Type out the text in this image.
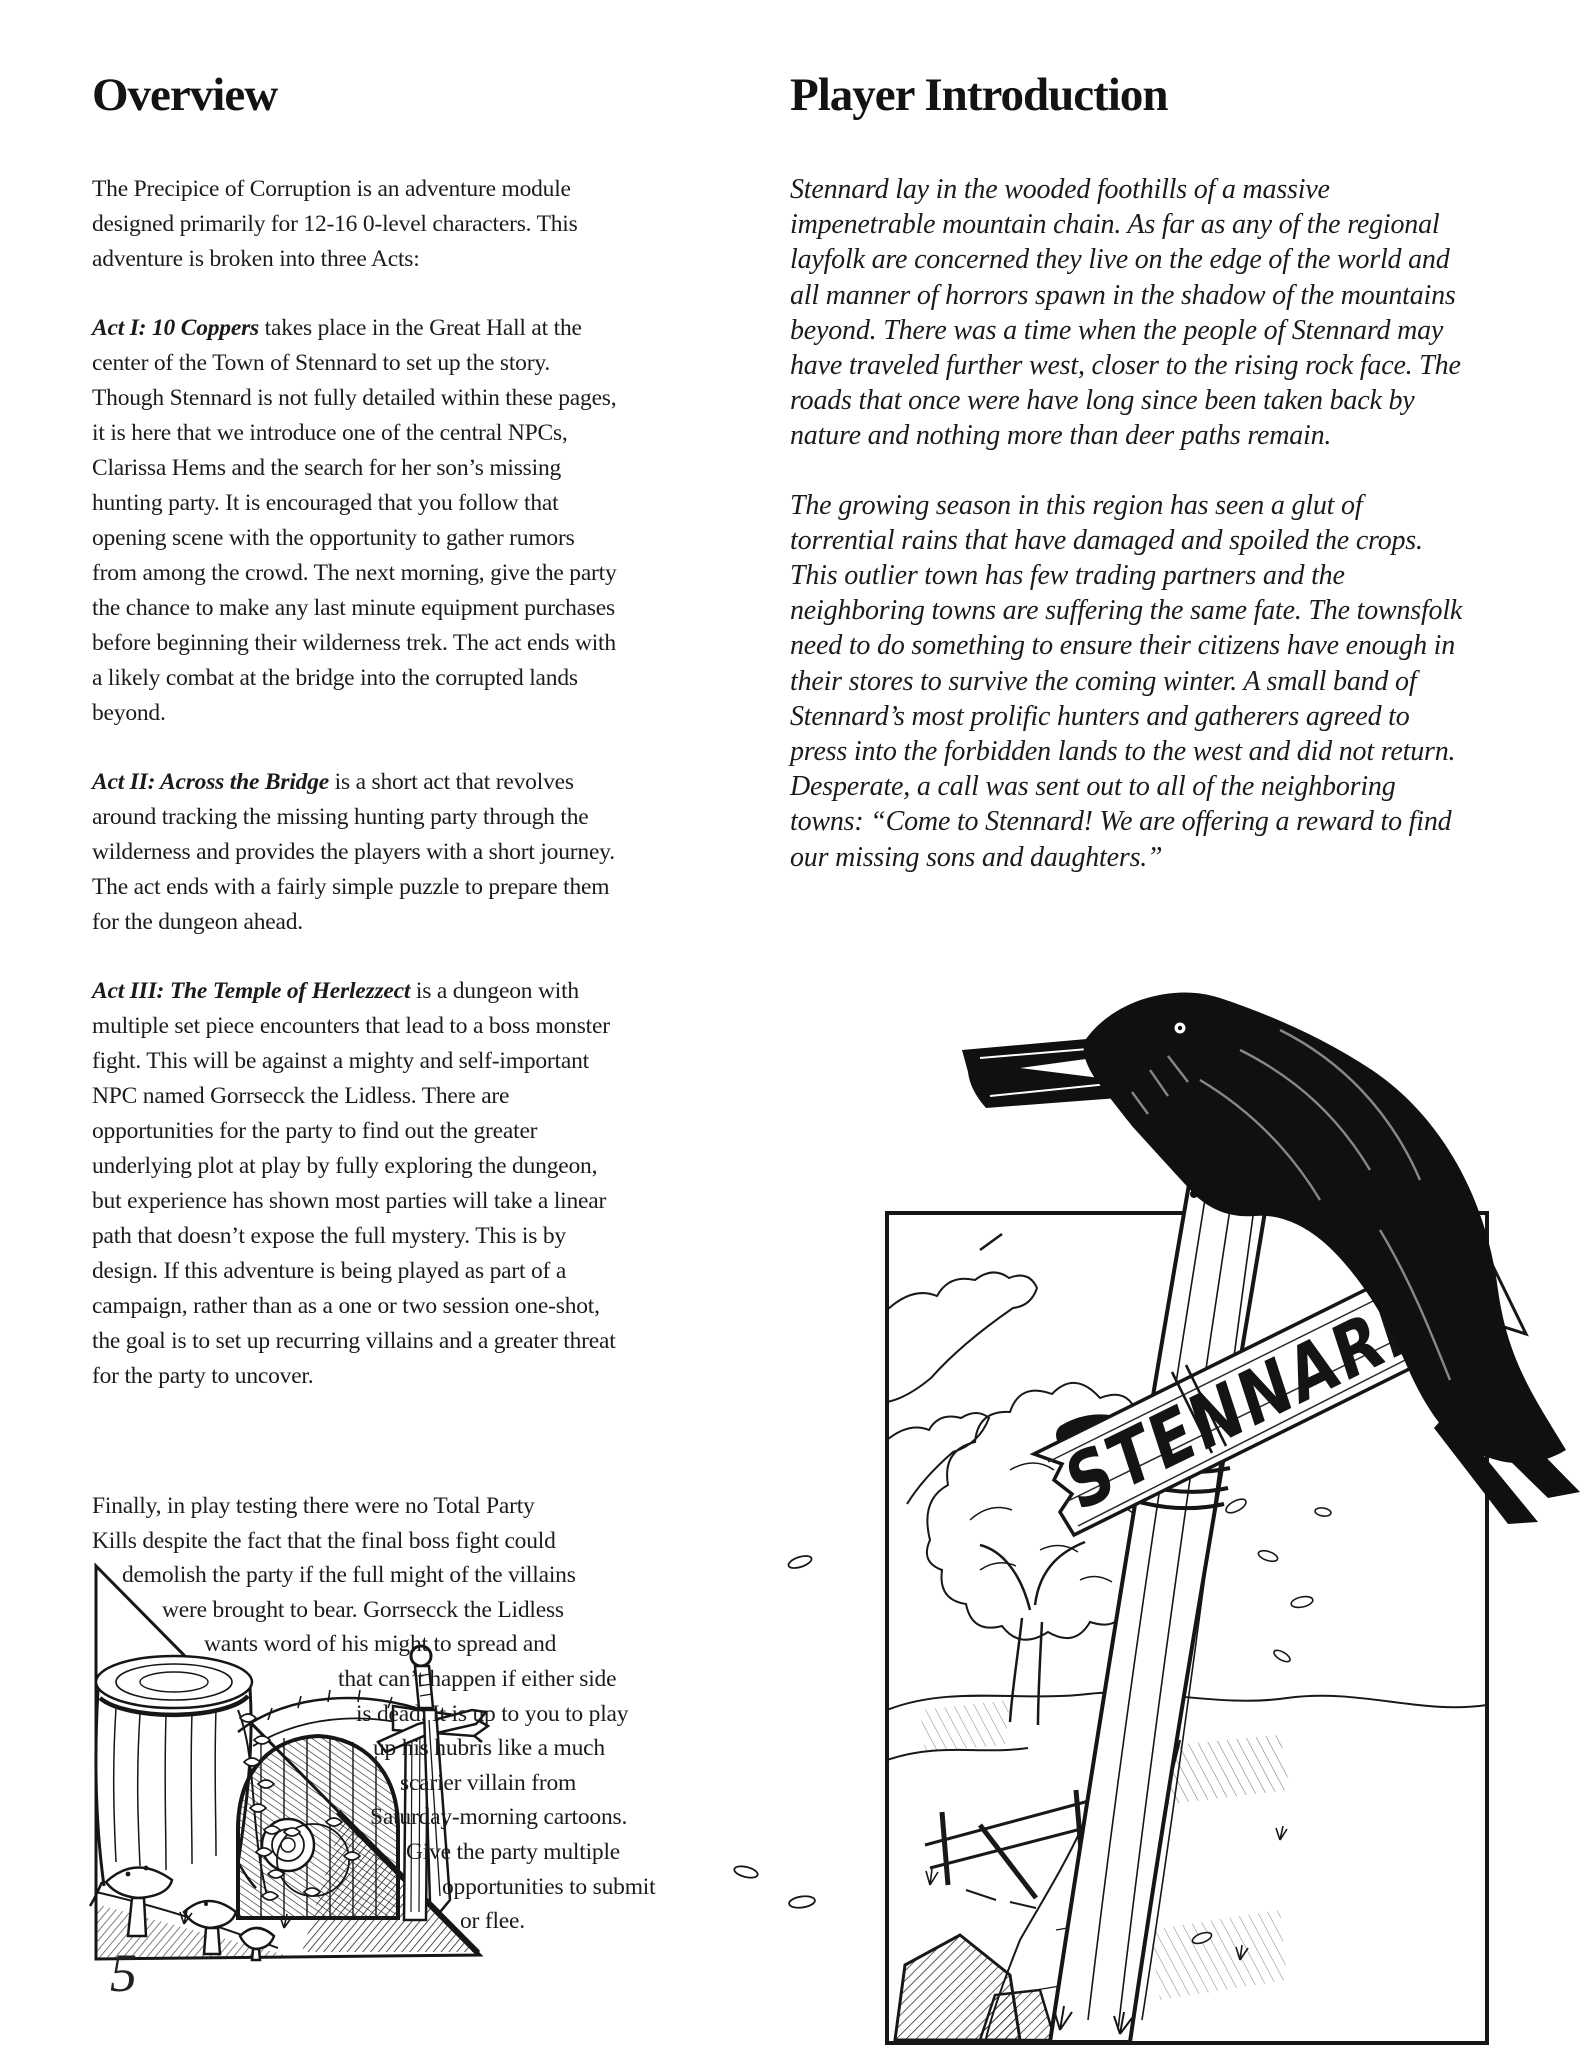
STENNARD
Overview

The Precipice of Corruption is an adventure module designed primarily for 12-16 0-level characters. This adventure is broken into three Acts:

Act I: 10 Coppers takes place in the Great Hall at the center of the Town of Stennard to set up the story. Though Stennard is not fully detailed within these pages, it is here that we introduce one of the central NPCs, Clarissa Hems and the search for her son’s missing hunting party. It is encouraged that you follow that opening scene with the opportunity to gather rumors from among the crowd. The next morning, give the party the chance to make any last minute equipment purchases before beginning their wilderness trek. The act ends with a likely combat at the bridge into the corrupted lands beyond.

Act II: Across the Bridge is a short act that revolves around tracking the missing hunting party through the wilderness and provides the players with a short journey. The act ends with a fairly simple puzzle to prepare them for the dungeon ahead.

Act III: The Temple of Herlezzect is a dungeon with multiple set piece encounters that lead to a boss monster fight. This will be against a mighty and self-important NPC named Gorrsecck the Lidless. There are opportunities for the party to find out the greater underlying plot at play by fully exploring the dungeon, but experience has shown most parties will take a linear path that doesn’t expose the full mystery. This is by design. If this adventure is being played as part of a campaign, rather than as a one or two session one-shot, the goal is to set up recurring villains and a greater threat for the party to uncover.

Finally, in play testing there were no Total Party
Kills despite the fact that the final boss fight could
demolish the party if the full might of the villains
were brought to bear. Gorrsecck the Lidless
wants word of his might to spread and
that can’t happen if either side
is dead. It is up to you to play
up his hubris like a much
scarier villain from
Saturday-morning cartoons.
Give the party multiple
opportunities to submit
or flee.
Player Introduction

Stennard lay in the wooded foothills of a massive impenetrable mountain chain. As far as any of the regional layfolk are concerned they live on the edge of the world and all manner of horrors spawn in the shadow of the mountains beyond. There was a time when the people of Stennard may have traveled further west, closer to the rising rock face. The roads that once were have long since been taken back by nature and nothing more than deer paths remain.

The growing season in this region has seen a glut of torrential rains that have damaged and spoiled the crops. This outlier town has few trading partners and the neighboring towns are suffering the same fate. The townsfolk need to do something to ensure their citizens have enough in their stores to survive the coming winter. A small band of Stennard’s most prolific hunters and gatherers agreed to press into the forbidden lands to the west and did not return. Desperate, a call was sent out to all of the neighboring towns: “Come to Stennard! We are offering a reward to find our missing sons and daughters.”

5
